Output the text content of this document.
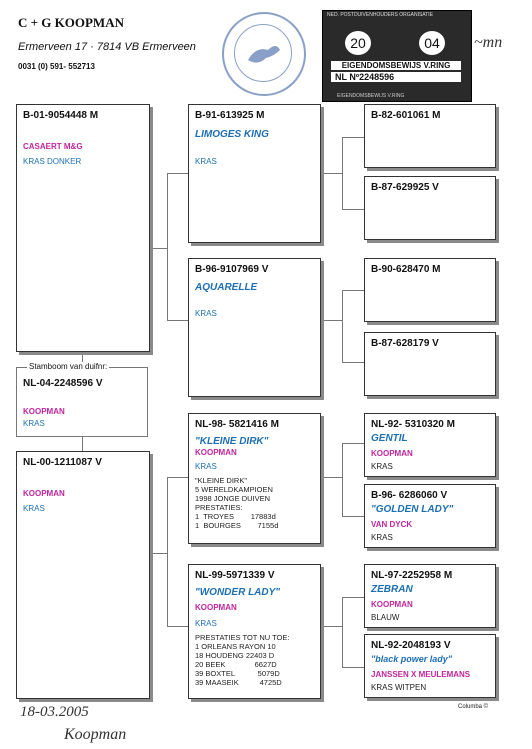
C + G KOOPMAN
Ermerveen 17 · 7814 VB Ermerveen
0031 (0) 591- 552713
NED. POSTDUIVENHOUDERS ORGANISATIE
20	04
EIGENDOMSBEWIJS V.RING
NL Nº2248596
EIGENDOMSBEWIJS V.RING
~mn
B-01-9054448 M
CASAERT M&G
KRAS DONKER
Stamboom van duifnr:
NL-04-2248596 V
KOOPMAN
KRAS
NL-00-1211087 V
KOOPMAN
KRAS
B-91-613925 M
LIMOGES KING
KRAS
B-96-9107969 V
AQUARELLE
KRAS
NL-98- 5821416 M
"KLEINE DIRK"
KOOPMAN
KRAS
"KLEINE DIRK"
5 WERELDKAMPIOEN
1998 JONGE DUIVEN
PRESTATIES:
1  TROYES        17883d
1  BOURGES        7155d
NL-99-5971339 V
"WONDER LADY"
KOOPMAN
KRAS
PRESTATIES TOT NU TOE:
1 ORLEANS RAYON 10
18 HOUDENG 22403 D
20 BEEK              6627D
39 BOXTEL           5079D
39 MAASEIK          4725D
B-82-601061 M
B-87-629925 V
B-90-628470 M
B-87-628179 V
NL-92- 5310320 M
GENTIL
KOOPMAN
KRAS
B-96- 6286060 V
"GOLDEN LADY"
VAN DYCK
KRAS
NL-97-2252958 M
ZEBRAN
KOOPMAN
BLAUW
NL-92-2048193 V
"black power lady"
JANSSEN X MEULEMANS
KRAS WITPEN
18-03.2005
Koopman
Columba ©
